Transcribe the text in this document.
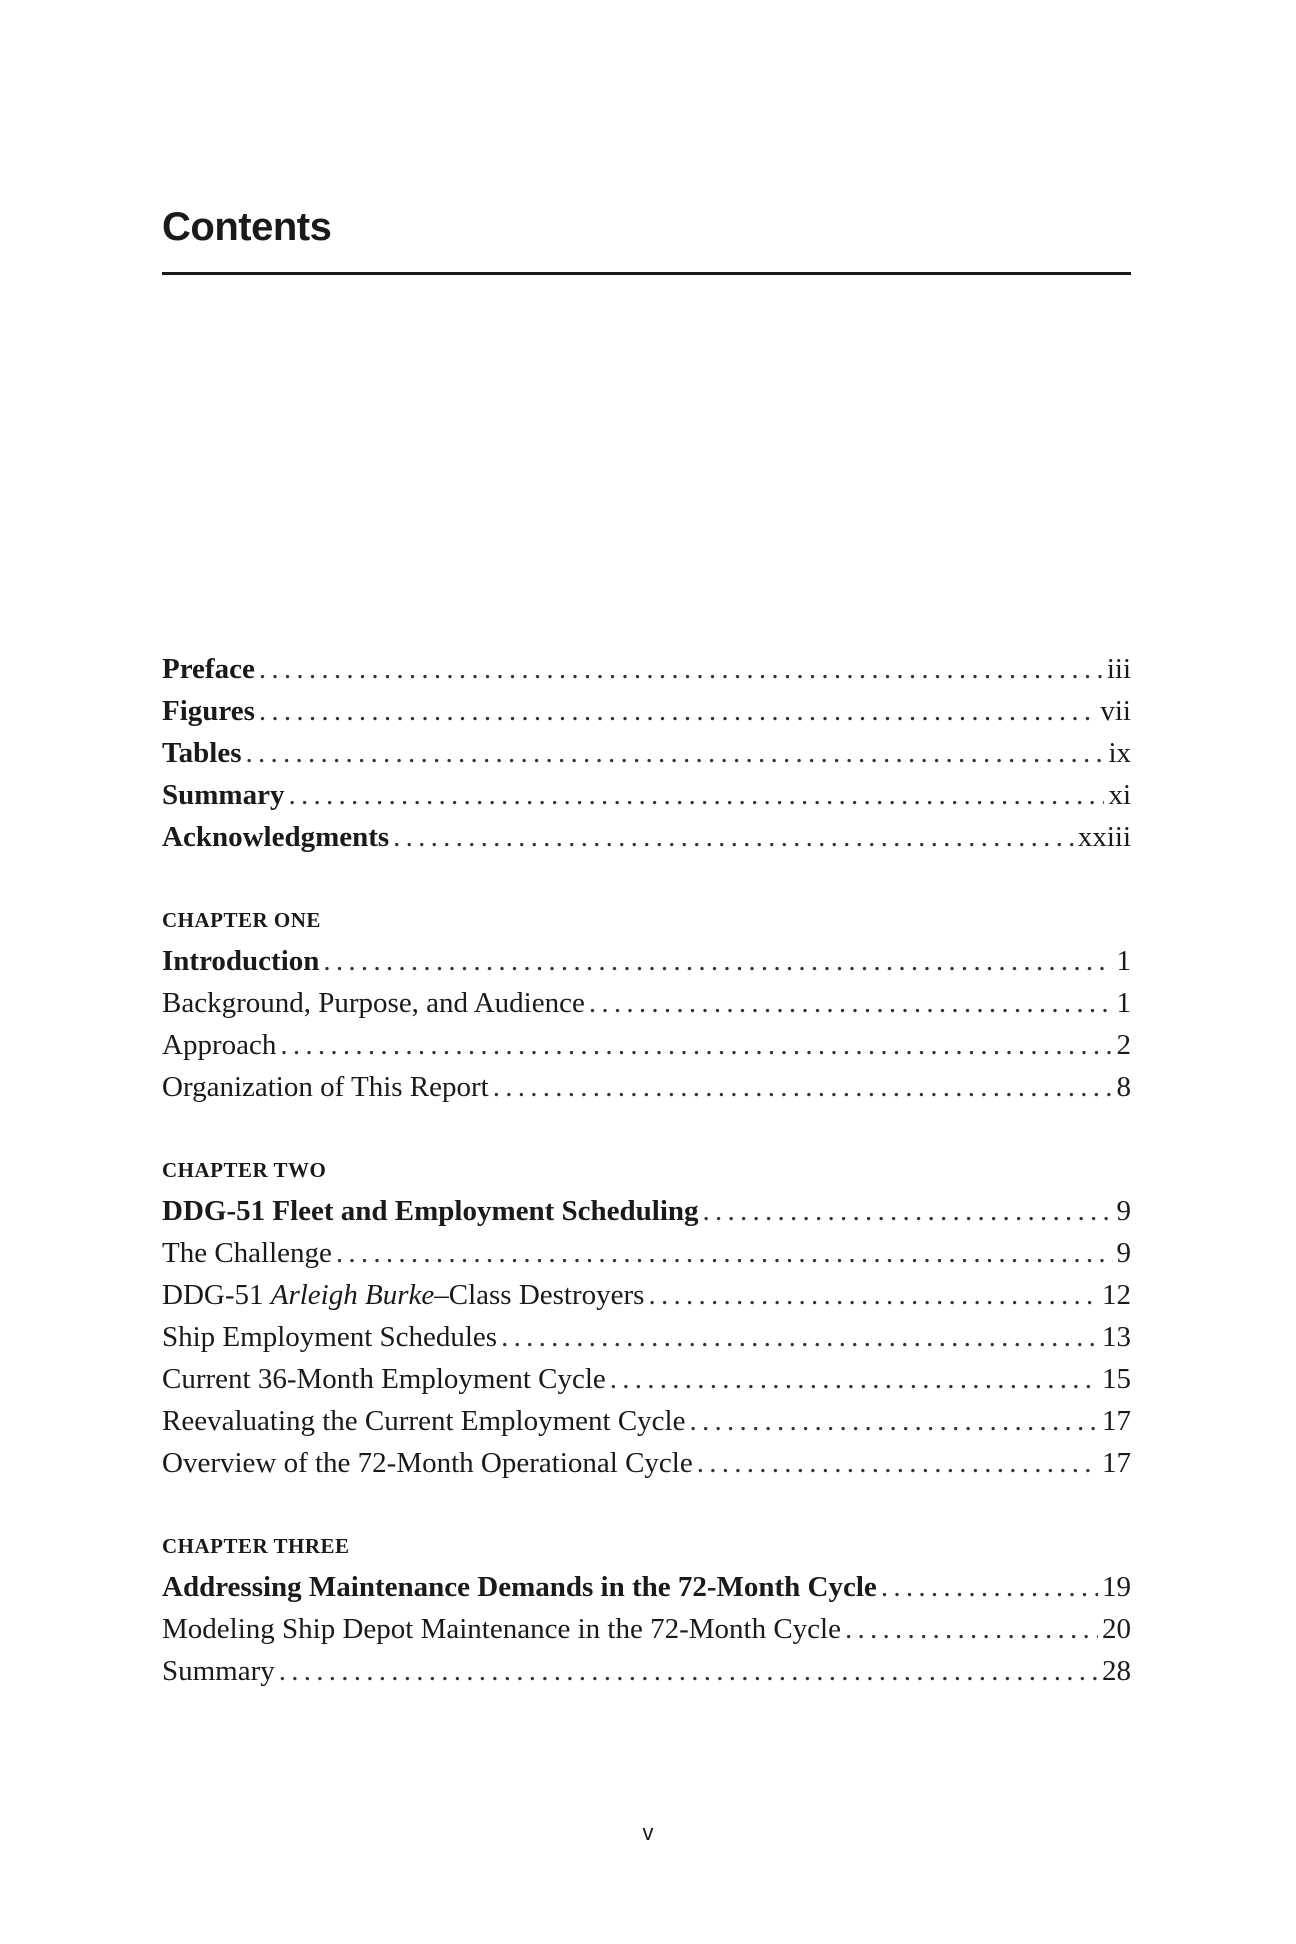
Contents
Preface . . .	iii
Figures . . .	vii
Tables . . .	ix
Summary . . .	xi
Acknowledgments . . .	xxiii
CHAPTER ONE
Introduction . . .	1
Background, Purpose, and Audience . . .	1
Approach . . .	2
Organization of This Report . . .	8
CHAPTER TWO
DDG-51 Fleet and Employment Scheduling . . .	9
The Challenge . . .	9
DDG-51 Arleigh Burke–Class Destroyers . . .	12
Ship Employment Schedules . . .	13
Current 36-Month Employment Cycle . . .	15
Reevaluating the Current Employment Cycle . . .	17
Overview of the 72-Month Operational Cycle . . .	17
CHAPTER THREE
Addressing Maintenance Demands in the 72-Month Cycle . . .	19
Modeling Ship Depot Maintenance in the 72-Month Cycle . . .	20
Summary . . .	28
v
